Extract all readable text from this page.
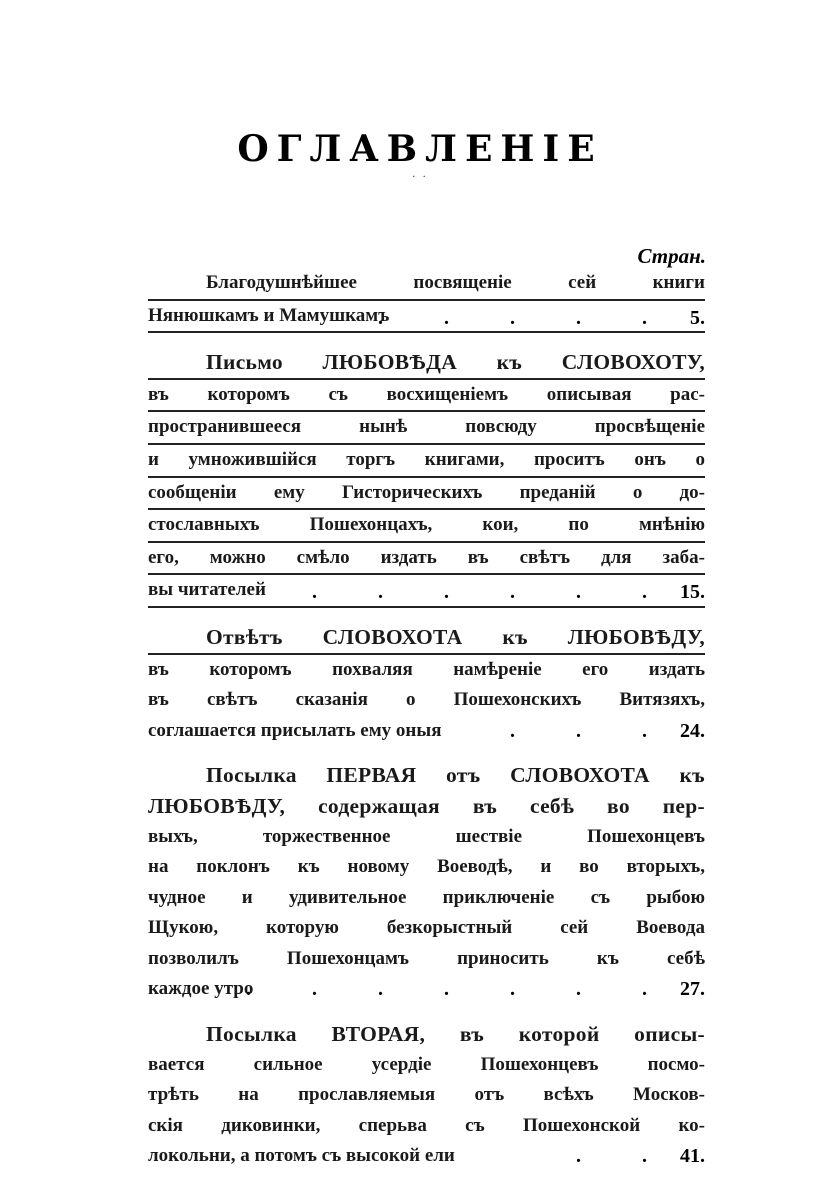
ОГЛАВЛЕНІЕ
· ·
Стран.
Благодушнѣйшее посвященіе сей книги
Нянюшкамъ и Мамушкамъ
. . . . . 5.
Письмо ЛЮБОВѢДА къ СЛОВОХОТУ,
въ которомъ съ восхищеніемъ описывая рас-
пространившееся нынѣ повсюду просвѣщеніе
и умножившійся торгъ книгами, проситъ онъ о
сообщеніи ему Гисторическихъ преданій о до-
стославныхъ Пошехонцахъ, кои, по мнѣнію
его, можно смѣло издать въ свѣтъ для заба-
вы читателей	. . . . . . 15.
Отвѣтъ СЛОВОХОТА къ ЛЮБОВѢДУ,
въ которомъ похваляя намѣреніе его издать
въ свѣтъ сказанія о Пошехонскихъ Витязяхъ,
соглашается присылать ему оныя	. . . 24.
Посылка ПЕРВАЯ отъ СЛОВОХОТА къ
ЛЮБОВѢДУ, содержащая въ себѣ во пер-
выхъ, торжественное шествіе Пошехонцевъ
на поклонъ къ новому Воеводѣ, и во вторыхъ,
чудное и удивительное приключеніе съ рыбою
Щукою, которую безкорыстный сей Воевода
позволилъ Пошехонцамъ приносить къ себѣ
каждое утро
. . . . . . . 27.
Посылка ВТОРАЯ, въ которой описы-
вается сильное усердіе Пошехонцевъ посмо-
трѣть на прославляемыя отъ всѣхъ Москов-
скія диковинки, сперьва съ Пошехонской ко-
локольни, а потомъ съ высокой ели	. . 41.
